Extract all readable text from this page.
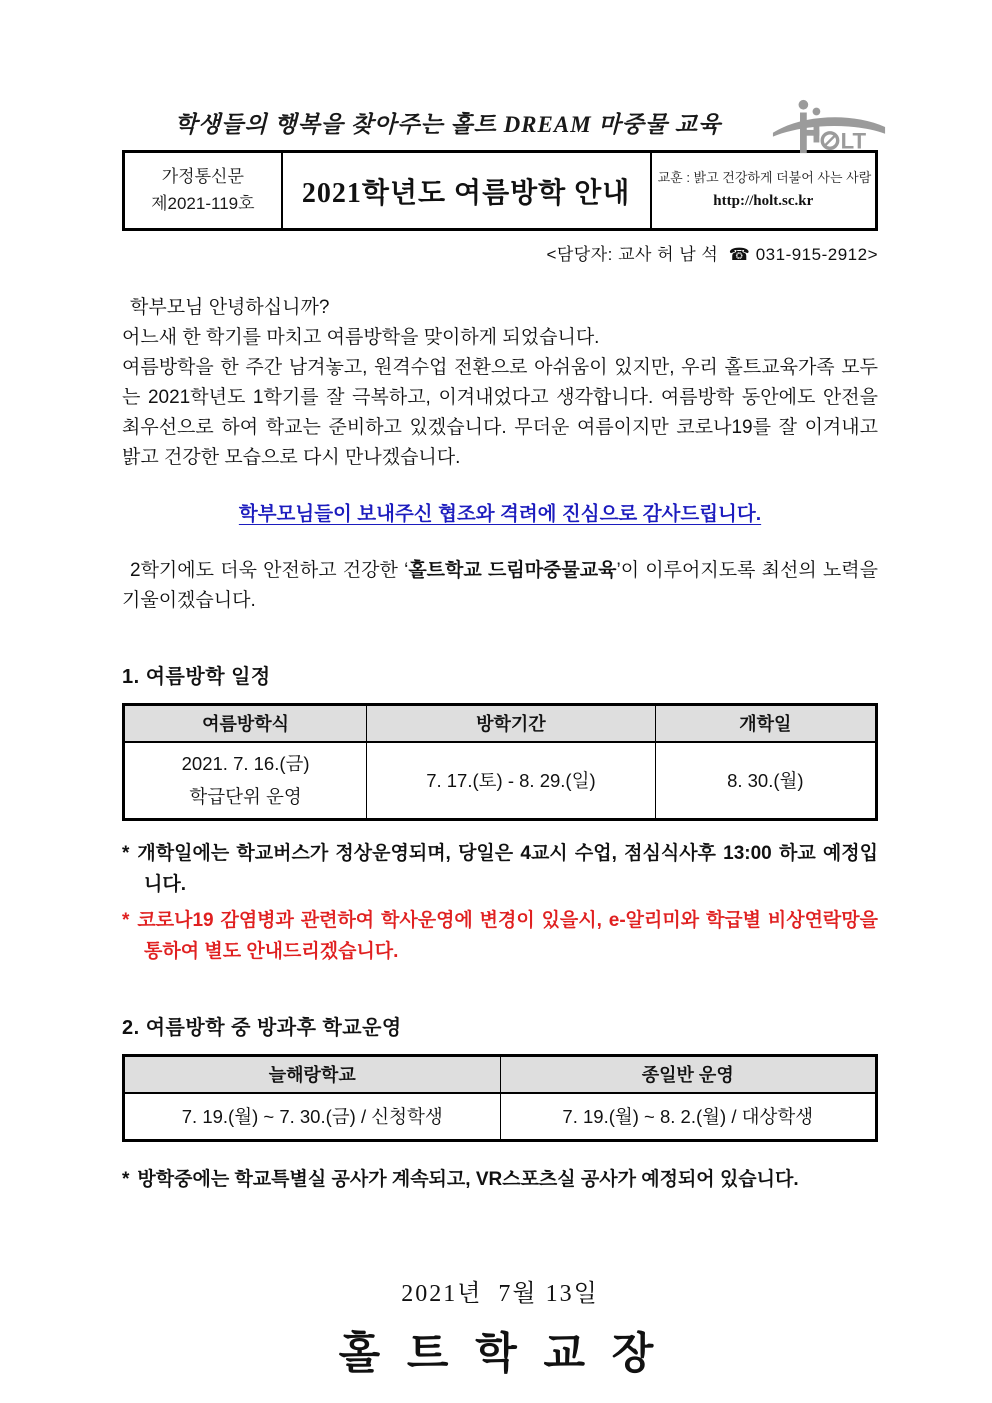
학생들의 행복을 찾아주는 홀트 DREAM 마중물 교육
LT
가정통신문
제2021-119호	2021학년도 여름방학 안내	
교훈 : 밝고 건강하게 더불어 사는 사람
http://holt.sc.kr
<담당자: 교사 허 남 석  ☎ 031-915-2912>

학부모님 안녕하십니까?

어느새 한 학기를 마치고 여름방학을 맞이하게 되었습니다.

여름방학을 한 주간 남겨놓고, 원격수업 전환으로 아쉬움이 있지만, 우리 홀트교육가족 모두는 2021학년도 1학기를 잘 극복하고, 이겨내었다고 생각합니다. 여름방학 동안에도 안전을 최우선으로 하여 학교는 준비하고 있겠습니다. 무더운 여름이지만 코로나19를 잘 이겨내고 밝고 건강한 모습으로 다시 만나겠습니다.

학부모님들이 보내주신 협조와 격려에 진심으로 감사드립니다.

2학기에도 더욱 안전하고 건강한 ‘홀트학교 드림마중물교육’이 이루어지도록 최선의 노력을 기울이겠습니다.

1. 여름방학 일정
여름방학식	방학기간	개학일

2021. 7. 16.(금)
학급단위 운영	7. 17.(토) - 8. 29.(일)	8. 30.(월)
* 개학일에는 학교버스가 정상운영되며, 당일은 4교시 수업, 점심식사후 13:00 하교 예정입니다.
* 코로나19 감염병과 관련하여 학사운영에 변경이 있을시, e-알리미와 학급별 비상연락망을 통하여 별도 안내드리겠습니다.
2. 여름방학 중 방과후 학교운영
늘해랑학교	종일반 운영
7. 19.(월) ~ 7. 30.(금) / 신청학생	7. 19.(월) ~ 8. 2.(월) / 대상학생
* 방학중에는 학교특별실 공사가 계속되고, VR스포츠실 공사가 예정되어 있습니다.
2021년  7월 13일
홀 트 학 교 장
